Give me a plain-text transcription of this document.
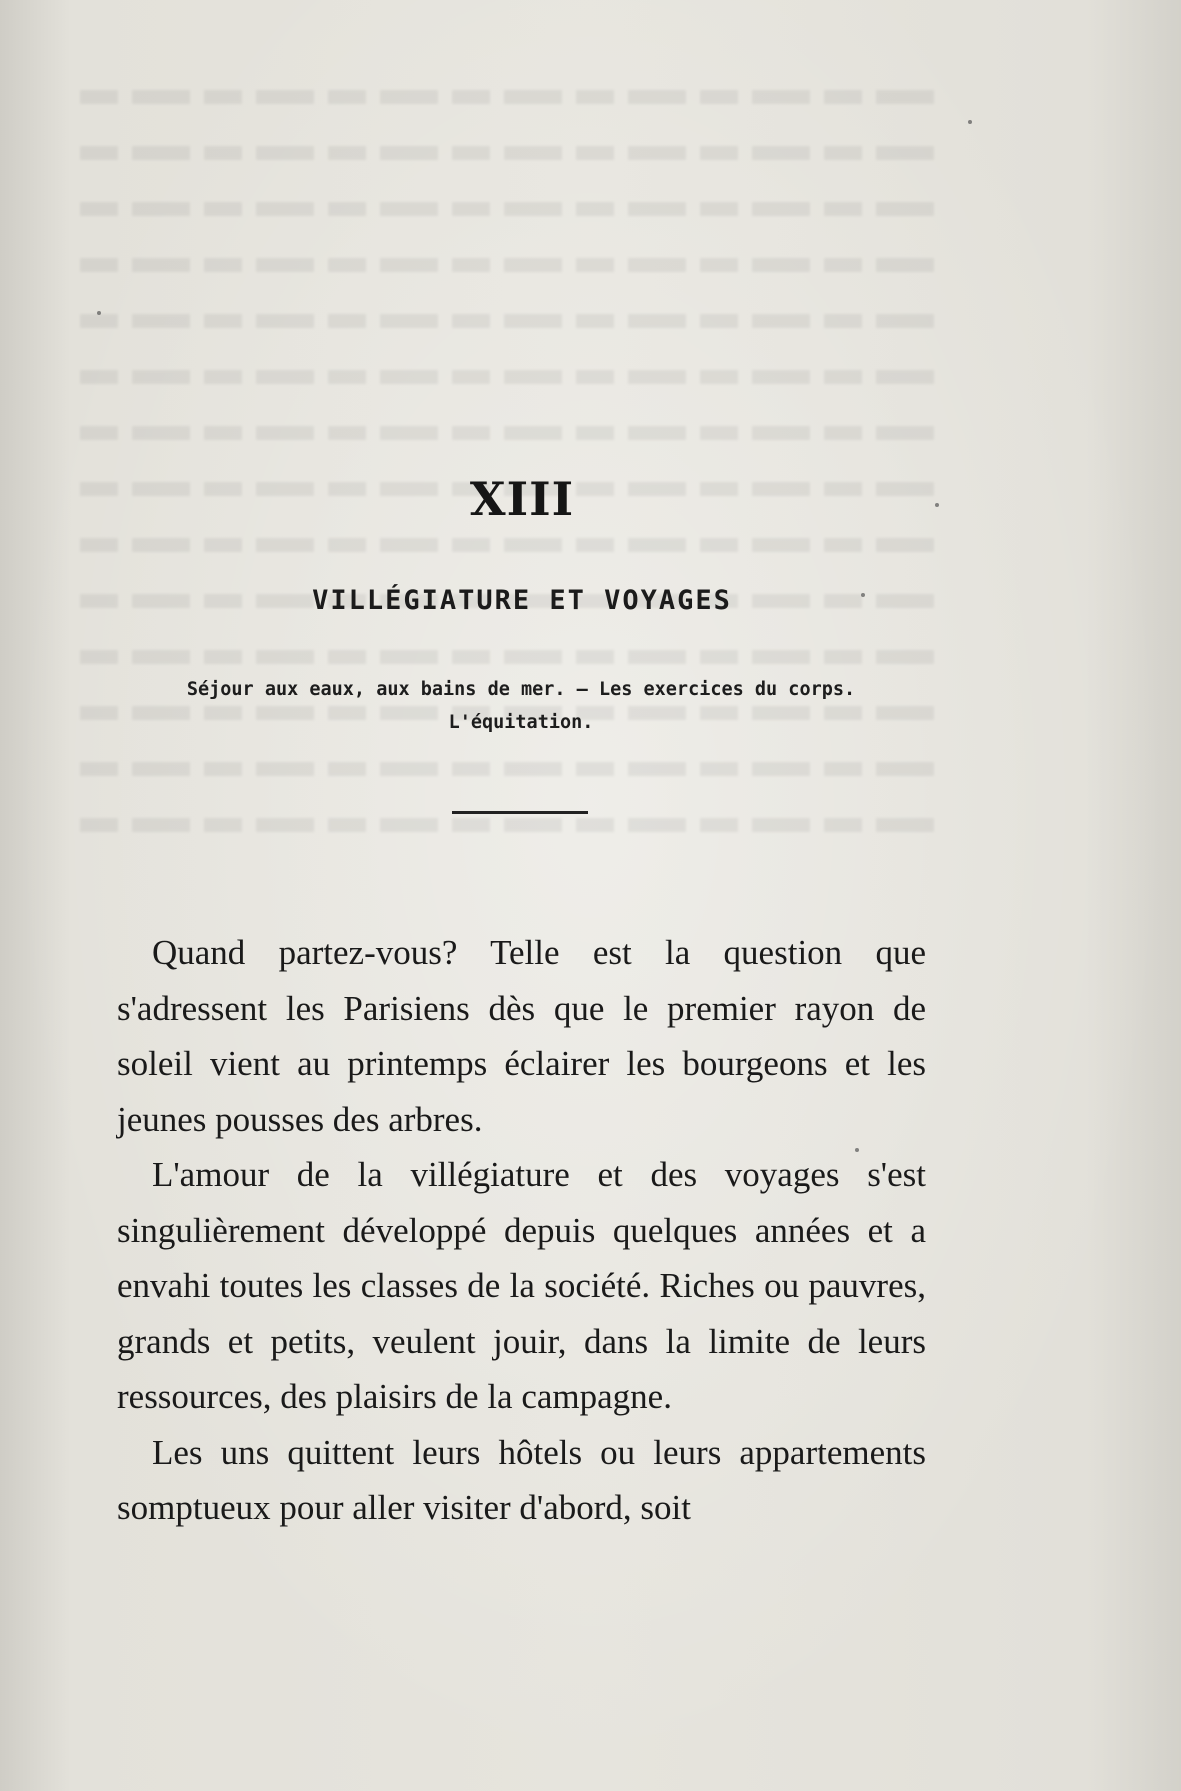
XIII
VILLÉGIATURE ET VOYAGES
Séjour aux eaux, aux bains de mer. — Les exercices du corps.
L'équitation.

Quand partez-vous? Telle est la question que s'adressent les Parisiens dès que le premier rayon de soleil vient au printemps éclairer les bourgeons et les jeunes pousses des arbres.

L'amour de la villégiature et des voyages s'est singulièrement développé depuis quelques années et a envahi toutes les classes de la société. Riches ou pauvres, grands et petits, veulent jouir, dans la limite de leurs ressources, des plaisirs de la campagne.

Les uns quittent leurs hôtels ou leurs appartements somptueux pour aller visiter d'abord, soit
